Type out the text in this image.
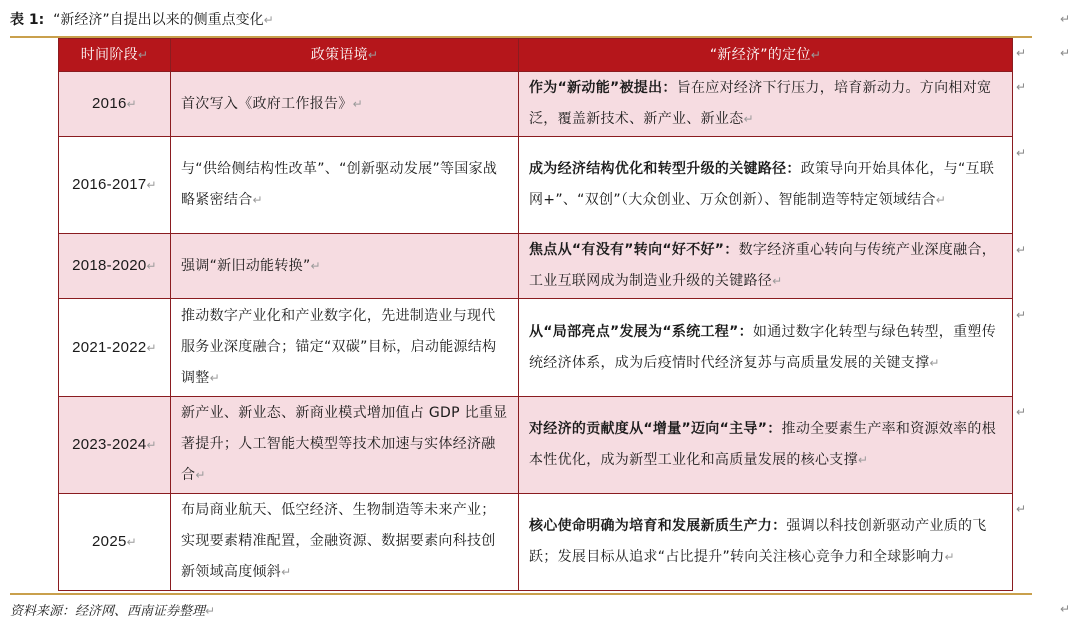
表 1: “新经济”自提出以来的侧重点变化↵
时间阶段↵	政策语境↵	“新经济”的定位↵
2016↵	首次写入《政府工作报告》↵	作为“新动能”被提出：旨在应对经济下行压力，培育新动力。方向相对宽泛，覆盖新技术、新产业、新业态↵
2016-2017↵	与“供给侧结构性改革”、“创新驱动发展”等国家战略紧密结合↵	成为经济结构优化和转型升级的关键路径：政策导向开始具体化，与“互联网+”、“双创”（大众创业、万众创新）、智能制造等特定领域结合↵
2018-2020↵	强调“新旧动能转换”↵	焦点从“有没有”转向“好不好”：数字经济重心转向与传统产业深度融合，工业互联网成为制造业升级的关键路径↵
2021-2022↵	推动数字产业化和产业数字化，先进制造业与现代服务业深度融合；锚定“双碳”目标，启动能源结构调整↵	从“局部亮点”发展为“系统工程”：如通过数字化转型与绿色转型，重塑传统经济体系，成为后疫情时代经济复苏与高质量发展的关键支撑↵
2023-2024↵	新产业、新业态、新商业模式增加值占 GDP 比重显著提升；人工智能大模型等技术加速与实体经济融合↵	对经济的贡献度从“增量”迈向“主导”：推动全要素生产率和资源效率的根本性优化，成为新型工业化和高质量发展的核心支撑↵
2025↵	布局商业航天、低空经济、生物制造等未来产业；实现要素精准配置，金融资源、数据要素向科技创新领域高度倾斜↵	核心使命明确为培育和发展新质生产力：强调以科技创新驱动产业质的飞跃；发展目标从追求“占比提升”转向关注核心竞争力和全球影响力↵
↵
↵	↵
↵
↵
↵
↵
↵
↵
↵
资料来源：经济网、西南证券整理↵
